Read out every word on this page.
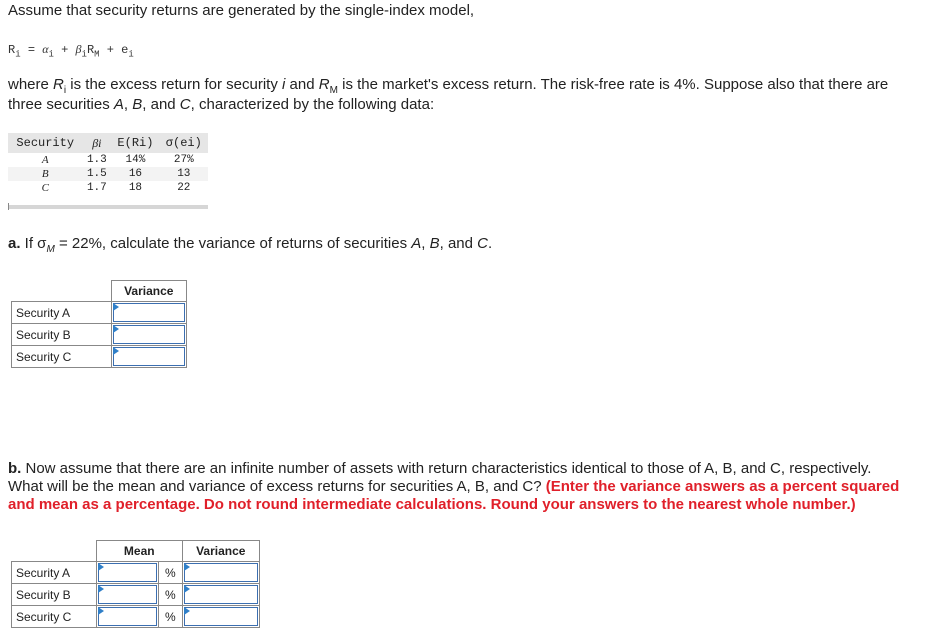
Assume that security returns are generated by the single-index model,
$R_i = \alpha_i + \beta_iR_M + e_i$
where $R_i$ is the excess return for security i and $R_M$ is the market's excess return. The risk-free rate is 4%. Suppose also that there are
three securities A, B, and C, characterized by the following data:
Security	βi	E(Ri)	σ(ei)
A	1.3	14%	27%
B	1.5	16	13
C	1.7	18	22
a. If $\sigma_M = 22\%$, calculate the variance of returns of securities A, B, and C.
	Variance
Security A	

Security B	

Security C	
b. Now assume that there are an infinite number of assets with return characteristics identical to those of A, B, and C, respectively.
What will be the mean and variance of excess returns for securities A, B, and C? (Enter the variance answers as a percent squared
and mean as a percentage. Do not round intermediate calculations. Round your answers to the nearest whole number.)
	Mean		Variance
Security A		%	

Security B		%	

Security C		%	
